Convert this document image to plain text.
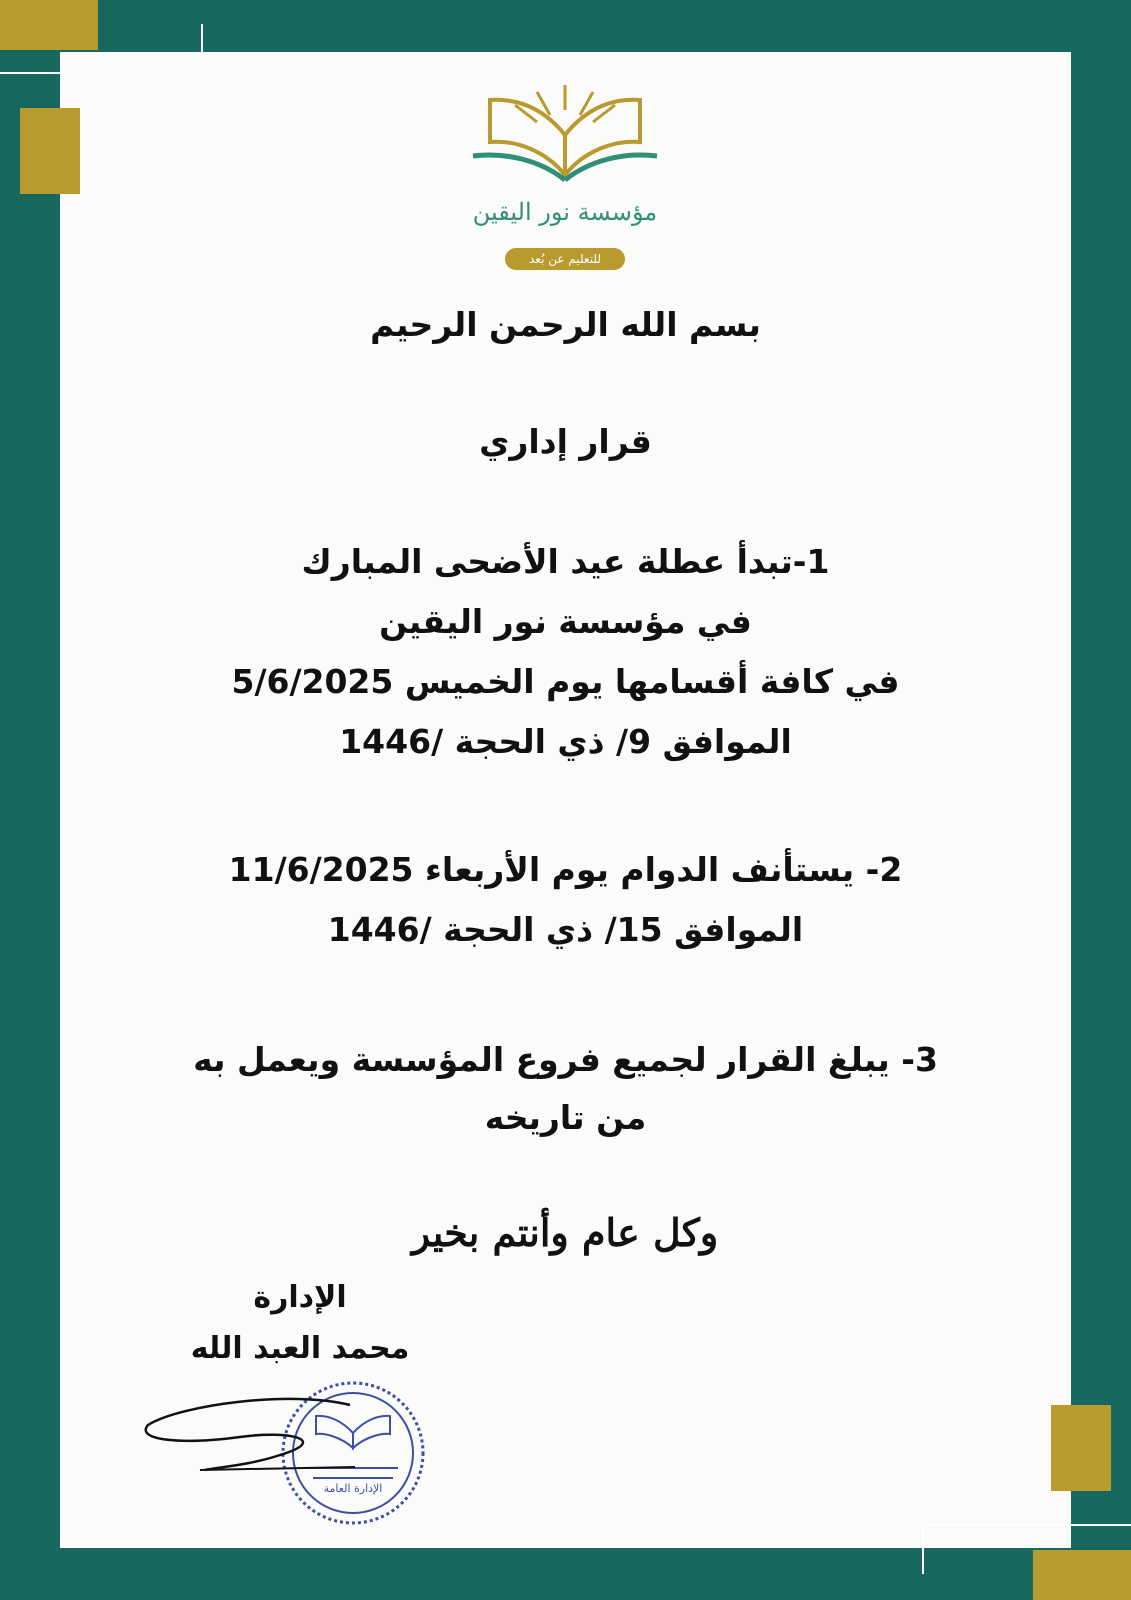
مؤسسة نور اليقين
للتعليم عن بُعد
بسم الله الرحمن الرحيم
قرار إداري
1-تبدأ عطلة عيد الأضحى المبارك
في مؤسسة نور اليقين
في كافة أقسامها يوم الخميس 5/6/2025
الموافق 9/ ذي الحجة /1446
2- يستأنف الدوام يوم الأربعاء 11/6/2025
الموافق 15/ ذي الحجة /1446
3- يبلغ القرار لجميع فروع المؤسسة ويعمل به
من تاريخه
وكل عام وأنتم بخير
الإدارة
محمد العبد الله
الإدارة العامة
